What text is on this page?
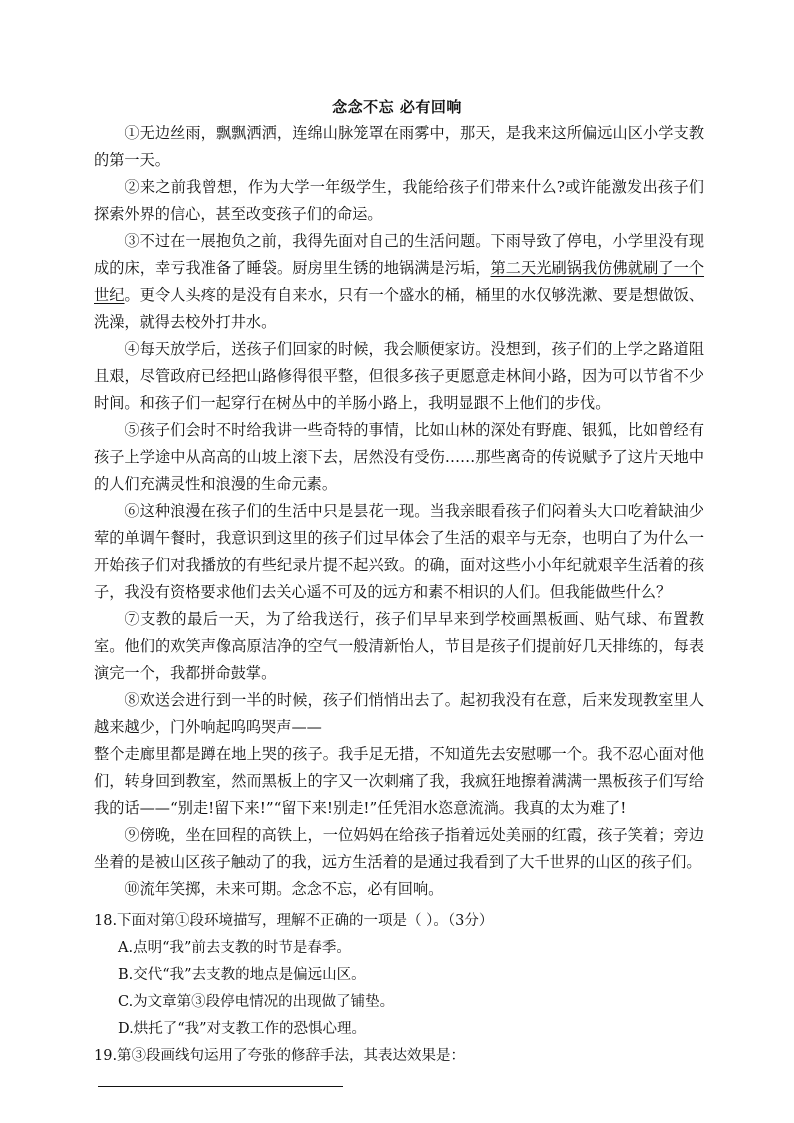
念念不忘 必有回响

①无边丝雨，飘飘洒洒，连绵山脉笼罩在雨雾中，那天，是我来这所偏远山区小学支教的第一天。

②来之前我曾想，作为大学一年级学生，我能给孩子们带来什么?或许能激发出孩子们探索外界的信心，甚至改变孩子们的命运。

③不过在一展抱负之前，我得先面对自己的生活问题。下雨导致了停电，小学里没有现成的床，幸亏我准备了睡袋。厨房里生锈的地锅满是污垢，第二天光刷锅我仿佛就刷了一个世纪。更令人头疼的是没有自来水，只有一个盛水的桶，桶里的水仅够洗漱、要是想做饭、洗澡，就得去校外打井水。

④每天放学后，送孩子们回家的时候，我会顺便家访。没想到，孩子们的上学之路道阻且艰，尽管政府已经把山路修得很平整，但很多孩子更愿意走林间小路，因为可以节省不少时间。和孩子们一起穿行在树丛中的羊肠小路上，我明显跟不上他们的步伐。

⑤孩子们会时不时给我讲一些奇特的事情，比如山林的深处有野鹿、银狐，比如曾经有孩子上学途中从高高的山坡上滚下去，居然没有受伤……那些离奇的传说赋予了这片天地中的人们充满灵性和浪漫的生命元素。

⑥这种浪漫在孩子们的生活中只是昙花一现。当我亲眼看孩子们闷着头大口吃着缺油少荤的单调午餐时，我意识到这里的孩子们过早体会了生活的艰辛与无奈，也明白了为什么一开始孩子们对我播放的有些纪录片提不起兴致。的确，面对这些小小年纪就艰辛生活着的孩子，我没有资格要求他们去关心遥不可及的远方和素不相识的人们。但我能做些什么？

⑦支教的最后一天，为了给我送行，孩子们早早来到学校画黑板画、贴气球、布置教室。他们的欢笑声像高原洁净的空气一般清新怡人，节目是孩子们提前好几天排练的，每表演完一个，我都拼命鼓掌。

⑧欢送会进行到一半的时候，孩子们悄悄出去了。起初我没有在意，后来发现教室里人越来越少，门外响起呜呜哭声——

整个走廊里都是蹲在地上哭的孩子。我手足无措，不知道先去安慰哪一个。我不忍心面对他们，转身回到教室，然而黑板上的字又一次刺痛了我，我疯狂地擦着满满一黑板孩子们写给我的话——“别走!留下来!”“留下来!别走!”任凭泪水恣意流淌。我真的太为难了!

⑨傍晚，坐在回程的高铁上，一位妈妈在给孩子指着远处美丽的红霞，孩子笑着；旁边坐着的是被山区孩子触动了的我，远方生活着的是通过我看到了大千世界的山区的孩子们。

⑩流年笑掷，未来可期。念念不忘，必有回响。

18.下面对第①段环境描写，理解不正确的一项是（ ）。（3分）

A.点明“我”前去支教的时节是春季。

B.交代“我”去支教的地点是偏远山区。

C.为文章第③段停电情况的出现做了铺垫。

D.烘托了“我”对支教工作的恐惧心理。

19.第③段画线句运用了夸张的修辞手法，其表达效果是：
